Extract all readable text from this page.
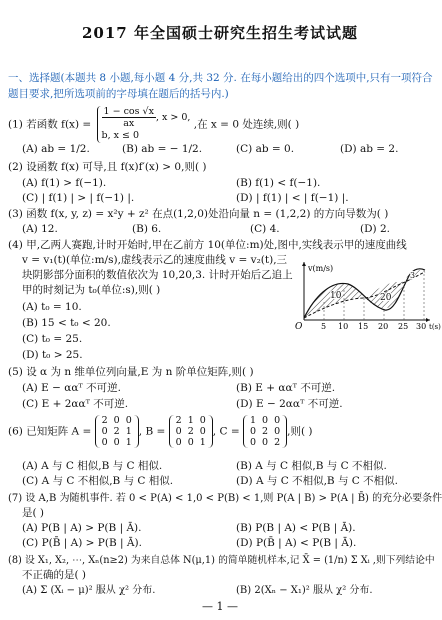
2017 年全国硕士研究生招生考试试题
一、选择题(本题共 8 小题,每小题 4 分,共 32 分. 在每小题给出的四个选项中,只有一项符合题目要求,把所选项前的字母填在题后的括号内.)
(1) 若函数 $f(x) = \frac{1 - \cos √x}{ax}$ , x > 0,
b, x ≤ 0 ,在 x = 0 处连续,则( )
(A) ab = 1/2.	(B) ab = − 1/2.	(C) ab = 0.	(D) ab = 2.
(2) 设函数 f(x) 可导,且 f(x)f′(x) > 0,则( )
(A) f(1) > f(−1).	(B) f(1) < f(−1).
(C) | f(1) | > | f(−1) |.	(D) | f(1) | < | f(−1) |.
(3) 函数 f(x, y, z) = x²y + z² 在点(1,2,0)处沿向量 n = (1,2,2) 的方向导数为( )
(A) 12.	(B) 6.	(C) 4.	(D) 2.
(4) 甲,乙两人赛跑,计时开始时,甲在乙前方 10(单位:m)处,图中,实线表示甲的速度曲线
v = v₁(t)(单位:m/s),虚线表示乙的速度曲线 v = v₂(t),三
块阴影部分面积的数值依次为 10,20,3. 计时开始后乙追上
甲的时刻记为 t₀(单位:s),则( )
(A) t₀ = 10.
(B) 15 < t₀ < 20.
(C) t₀ = 25.
(D) t₀ > 25.
v(m/s)
O 5 10 15 20 25 30 t(s)
10	20
3
(5) 设 α 为 n 维单位列向量,E 为 n 阶单位矩阵,则( )
(A) E − ααᵀ 不可逆.	(B) E + ααᵀ 不可逆.
(C) E + 2ααᵀ 不可逆.	(D) E − 2ααᵀ 不可逆.
(6) 已知矩阵 A =
2	0	0
0	2	1
0	0	1
, B =
2	1	0
0	2	0
0	0	1
, C =
1	0	0
0	2	0
0	0	2
,则( )
(A) A 与 C 相似,B 与 C 相似.	(B) A 与 C 相似,B 与 C 不相似.
(C) A 与 C 不相似,B 与 C 相似.	(D) A 与 C 不相似,B 与 C 不相似.
(7) 设 A,B 为随机事件. 若 0 < P(A) < 1,0 < P(B) < 1,则 P(A | B) > P(A | B̄) 的充分必要条件
是( )
(A) P(B | A) > P(B | Ā).	(B) P(B | A) < P(B | Ā).
(C) P(B̄ | A) > P(B | Ā).	(D) P(B̄ | A) < P(B | Ā).
(8) 设 X₁, X₂, ⋯, Xₙ(n≥2) 为来自总体 N(μ,1) 的简单随机样本,记 X̄ = (1/n) Σ Xᵢ ,则下列结论中
不正确的是( )
(A) Σ (Xᵢ − μ)² 服从 χ² 分布.	(B) 2(Xₙ − X₁)² 服从 χ² 分布.
— 1 —
